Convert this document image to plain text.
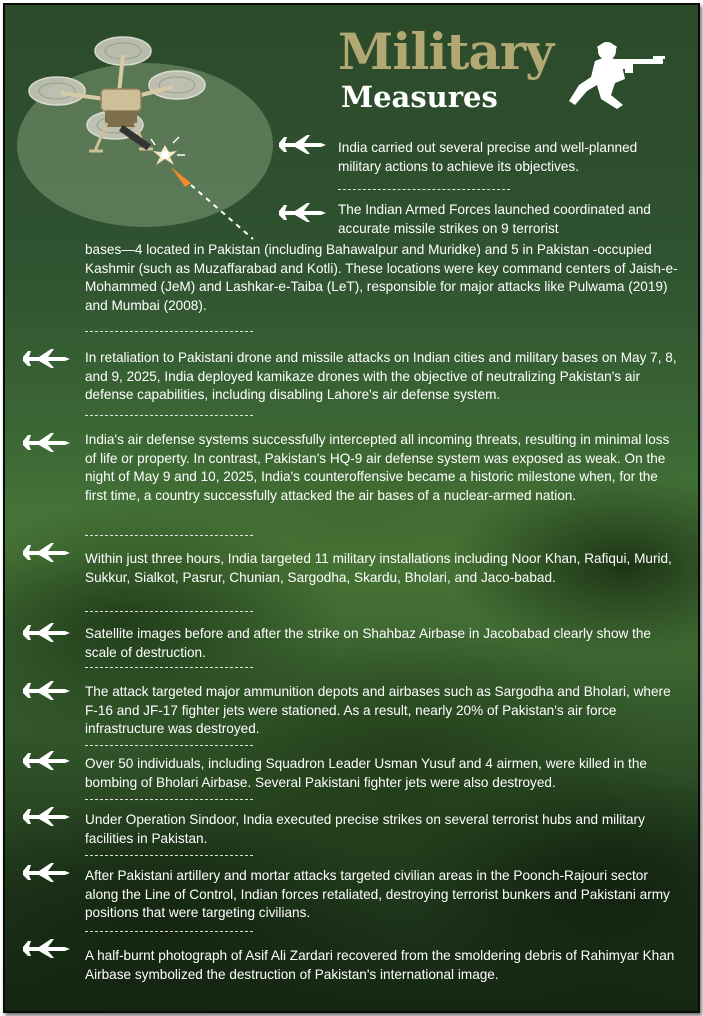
Military
Measures

India carried out several precise and well-planned military actions to achieve its objectives.

The Indian Armed Forces launched coordinated and accurate missile strikes on 9 terrorist

bases—4 located in Pakistan (including Bahawalpur and Muridke) and 5 in Pakistan -occupied Kashmir (such as Muzaffarabad and Kotli). These locations were key command centers of Jaish-e-Mohammed (JeM) and Lashkar-e-Taiba (LeT), responsible for major attacks like Pulwama (2019) and Mumbai (2008).

In retaliation to Pakistani drone and missile attacks on Indian cities and military bases on May 7, 8, and 9, 2025, India deployed kamikaze drones with the objective of neutralizing Pakistan's air defense capabilities, including disabling Lahore's air defense system.

India's air defense systems successfully intercepted all incoming threats, resulting in minimal loss of life or property. In contrast, Pakistan's HQ-9 air defense system was exposed as weak. On the night of May 9 and 10, 2025, India's counteroffensive became a historic milestone when, for the first time, a country successfully attacked the air bases of a nuclear-armed nation.

Within just three hours, India targeted 11 military installations including Noor Khan, Rafiqui, Murid, Sukkur, Sialkot, Pasrur, Chunian, Sargodha, Skardu, Bholari, and Jaco-babad.

Satellite images before and after the strike on Shahbaz Airbase in Jacobabad clearly show the scale of destruction.

The attack targeted major ammunition depots and airbases such as Sargodha and Bholari, where F-16 and JF-17 fighter jets were stationed. As a result, nearly 20% of Pakistan's air force infrastructure was destroyed.

Over 50 individuals, including Squadron Leader Usman Yusuf and 4 airmen, were killed in the bombing of Bholari Airbase. Several Pakistani fighter jets were also destroyed.

Under Operation Sindoor, India executed precise strikes on several terrorist hubs and military facilities in Pakistan.

After Pakistani artillery and mortar attacks targeted civilian areas in the Poonch-Rajouri sector along the Line of Control, Indian forces retaliated, destroying terrorist bunkers and Pakistani army positions that were targeting civilians.

A half-burnt photograph of Asif Ali Zardari recovered from the smoldering debris of Rahimyar Khan Airbase symbolized the destruction of Pakistan's international image.
